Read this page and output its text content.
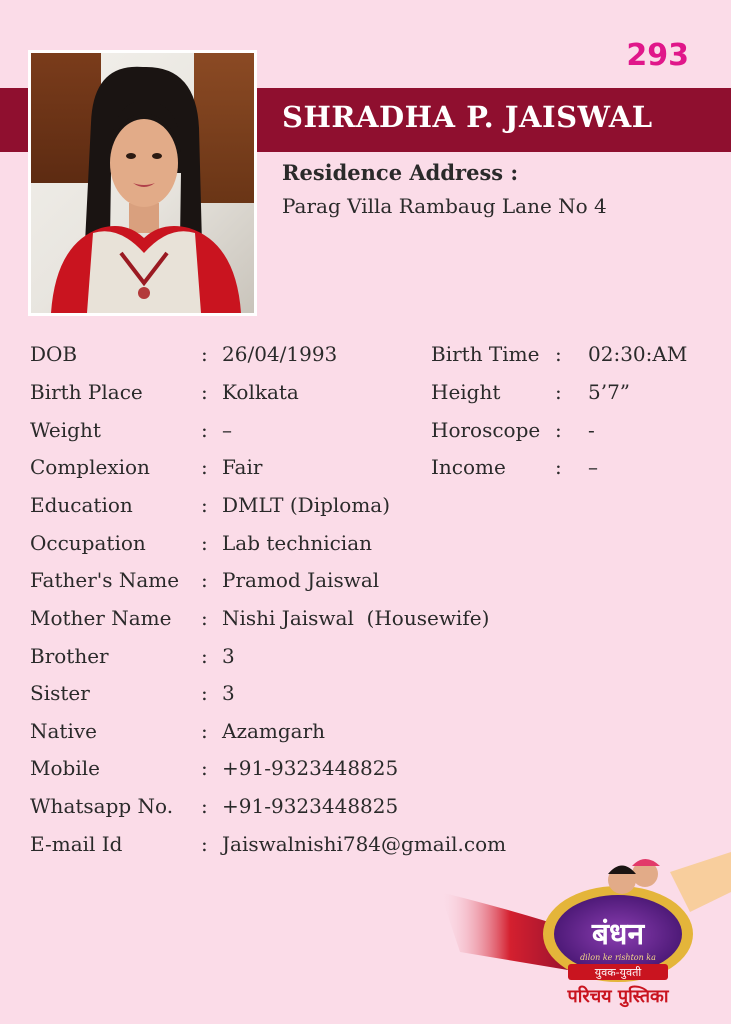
293
SHRADHA P. JAISWAL
Residence Address :
Parag Villa Rambaug Lane No 4
DOB	: 26/04/1993
Birth Place	: Kolkata
Weight	: –
Complexion	: Fair
Education	: DMLT (Diploma)
Occupation	: Lab technician
Father's Name : Pramod Jaiswal
Mother Name : Nishi Jaiswal  (Housewife)
Brother	: 3
Sister	: 3
Native	: Azamgarh
Mobile	: +91-9323448825
Whatsapp No. : +91-9323448825
E-mail Id	: Jaiswalnishi784@gmail.com
Birth Time : 02:30:AM
Height	: 5’7”
Horoscope : -
Income : –
बंधन
dilon ke rishton ka
युवक-युवती
परिचय पुस्तिका
